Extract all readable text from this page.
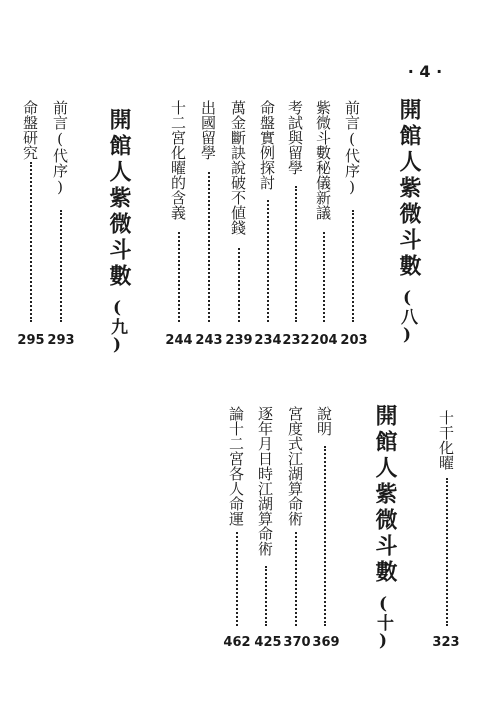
· 4 ·
開館人紫微斗數
(八)
前言(代序)
203
紫微斗數秘儀新議
204
考試與留學
232
命盤實例探討
234
萬金斷訣說破不値錢
239
出國留學
243
十二宮化曜的含義
244
開館人紫微斗數
(九)
前言(代序)
293
命盤研究
295
十干化曜
323
開館人紫微斗數
(十)
說明
369
宮度式江湖算命術
370
逐年月日時江湖算命術
425
論十二宮各人命運
462
